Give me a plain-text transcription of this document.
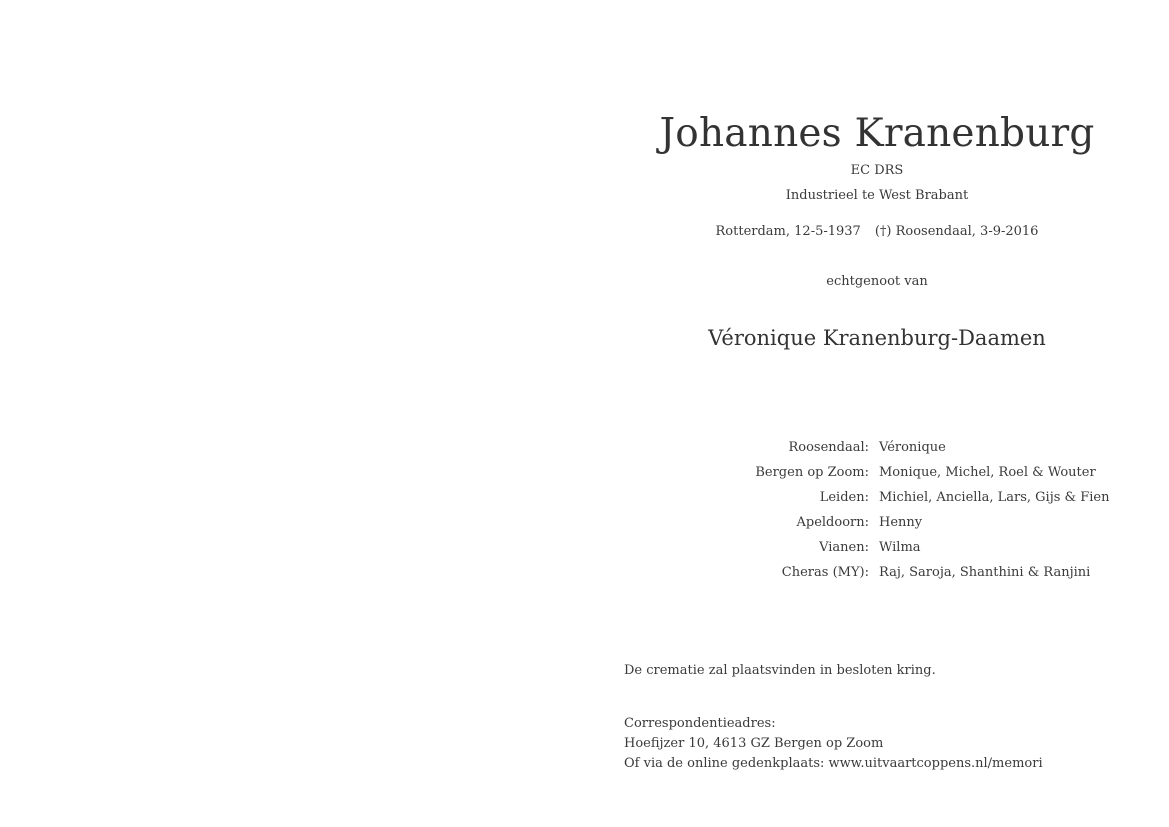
Johannes Kranenburg
EC DRS
Industrieel te West Brabant
Rotterdam, 12-5-1937 (†) Roosendaal, 3-9-2016
echtgenoot van
Véronique Kranenburg-Daamen
Roosendaal: Véronique
Bergen op Zoom: Monique, Michel, Roel & Wouter
Leiden: Michiel, Anciella, Lars, Gijs & Fien
Apeldoorn: Henny
Vianen: Wilma
Cheras (MY): Raj, Saroja, Shanthini & Ranjini
De crematie zal plaatsvinden in besloten kring.
Correspondentieadres:
Hoefijzer 10, 4613 GZ Bergen op Zoom
Of via de online gedenkplaats: www.uitvaartcoppens.nl/memori
